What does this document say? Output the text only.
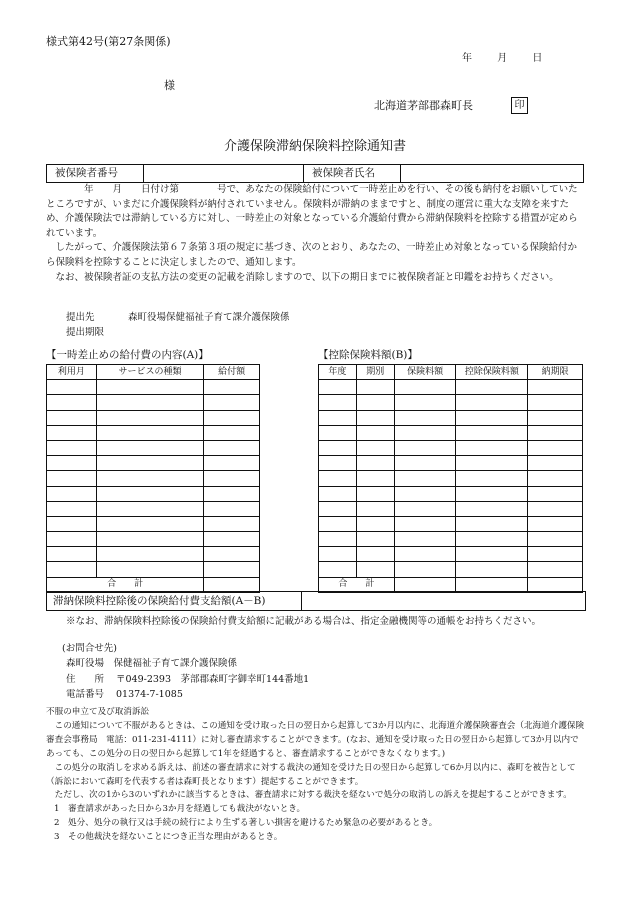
様式第42号(第27条関係)
年	月	日
様
北海道茅部郡森町長	印
介護保険滞納保険料控除通知書
被保険者番号		被保険者氏名	

　　　　年　　月　　日付け第　　　　号で、あなたの保険給付について一時差止めを行い、その後も納付をお願いしていたところですが、いまだに介護保険料が納付されていません。保険料が滞納のままですと、制度の運営に重大な支障を来すため、介護保険法では滞納している方に対し、一時差止の対象となっている介護給付費から滞納保険料を控除する措置が定められています。

　したがって、介護保険法第６７条第３項の規定に基づき、次のとおり、あなたの、一時差止め対象となっている保険給付から保険料を控除することに決定しましたので、通知します。

　なお、被保険者証の支払方法の変更の記載を消除しますので、以下の期日までに被保険者証と印鑑をお持ちください。

提出先	森町役場保健福祉子育て課介護保険係
提出期限
【一時差止めの給付費の内容(A)】	【控除保険料額(B)】
利用月	サービスの種類	給付額

合　　計		
年度	期別	保険料額	控除保険料額	納期限

合　　計				
滞納保険料控除後の保険給付費支給額(A－B)
※なお、滞納保険料控除後の保険給付費支給額に記載がある場合は、指定金融機関等の通帳をお持ちください。
(お問合せ先)
森町役場　保健福祉子育て課介護保険係
住　　所 〒049-2393　茅部郡森町字御幸町144番地1
電話番号 01374-7-1085

不服の申立て及び取消訴訟

　この通知について不服があるときは、この通知を受け取った日の翌日から起算して3か月以内に、北海道介護保険審査会（北海道介護保険審査会事務局　電話：011-231-4111）に対し審査請求することができます。(なお、通知を受け取った日の翌日から起算して3か月以内であっても、この処分の日の翌日から起算して1年を経過すると、審査請求することができなくなります。)

　この処分の取消しを求める訴えは、前述の審査請求に対する裁決の通知を受けた日の翌日から起算して6か月以内に、森町を被告として（訴訟において森町を代表する者は森町長となります）提起することができます。

　ただし、次の1から3のいずれかに該当するときは、審査請求に対する裁決を経ないで処分の取消しの訴えを提起することができます。

1　審査請求があった日から3か月を経過しても裁決がないとき。

2　処分、処分の執行又は手続の続行により生ずる著しい損害を避けるため緊急の必要があるとき。

3　その他裁決を経ないことにつき正当な理由があるとき。
